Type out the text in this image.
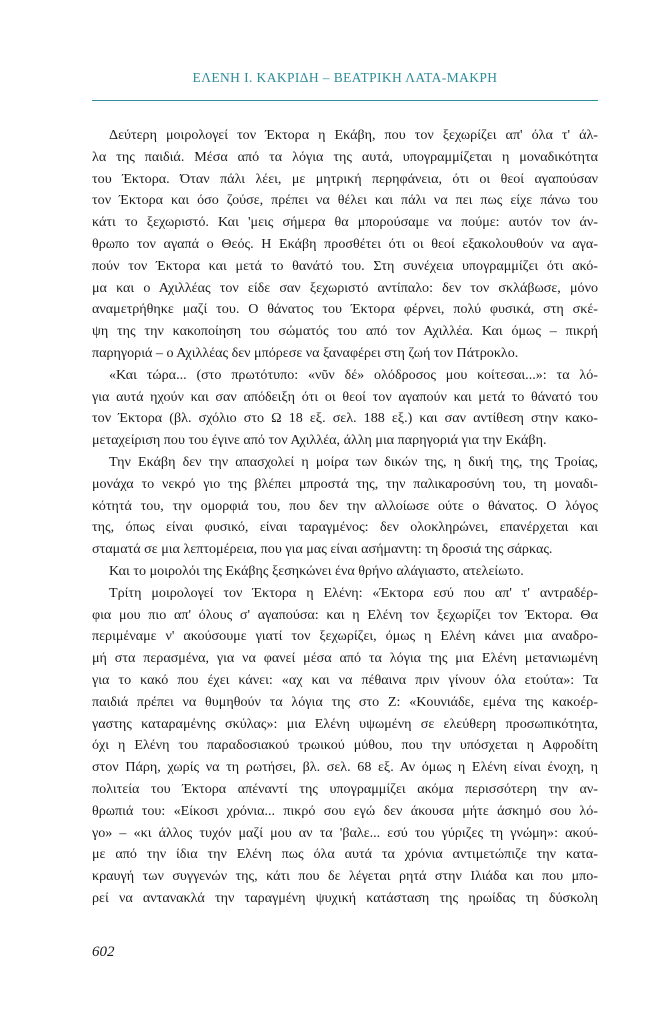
ΕΛΕΝΗ Ι. ΚΑΚΡΙΔΗ – ΒΕΑΤΡΙΚΗ ΛΑΤΑ-ΜΑΚΡΗ
Δεύτερη μοιρολογεί τον Έκτορα η Εκάβη, που τον ξεχωρίζει απ' όλα τ' άλ-
λα της παιδιά. Μέσα από τα λόγια της αυτά, υπογραμμίζεται η μοναδικότητα
του Έκτορα. Όταν πάλι λέει, με μητρική περηφάνεια, ότι οι θεοί αγαπούσαν
τον Έκτορα και όσο ζούσε, πρέπει να θέλει και πάλι να πει πως είχε πάνω του
κάτι το ξεχωριστό. Και 'μεις σήμερα θα μπορούσαμε να πούμε: αυτόν τον άν-
θρωπο τον αγαπά ο Θεός. Η Εκάβη προσθέτει ότι οι θεοί εξακολουθούν να αγα-
πούν τον Έκτορα και μετά το θανάτό του. Στη συνέχεια υπογραμμίζει ότι ακό-
μα και ο Αχιλλέας τον είδε σαν ξεχωριστό αντίπαλο: δεν τον σκλάβωσε, μόνο
αναμετρήθηκε μαζί του. Ο θάνατος του Έκτορα φέρνει, πολύ φυσικά, στη σκέ-
ψη της την κακοποίηση του σώματός του από τον Αχιλλέα. Και όμως – πικρή
παρηγοριά – ο Αχιλλέας δεν μπόρεσε να ξαναφέρει στη ζωή τον Πάτροκλο.
«Και τώρα... (στο πρωτότυπο: «νῦν δέ» ολόδροσος μου κοίτεσαι...»: τα λό-
για αυτά ηχούν και σαν απόδειξη ότι οι θεοί τον αγαπούν και μετά το θάνατό του
τον Έκτορα (βλ. σχόλιο στο Ω 18 εξ. σελ. 188 εξ.) και σαν αντίθεση στην κακο-
μεταχείριση που του έγινε από τον Αχιλλέα, άλλη μια παρηγοριά για την Εκάβη.
Την Εκάβη δεν την απασχολεί η μοίρα των δικών της, η δική της, της Τροίας,
μονάχα το νεκρό γιο της βλέπει μπροστά της, την παλικαροσύνη του, τη μοναδι-
κότητά του, την ομορφιά του, που δεν την αλλοίωσε ούτε ο θάνατος. Ο λόγος
της, όπως είναι φυσικό, είναι ταραγμένος: δεν ολοκληρώνει, επανέρχεται και
σταματά σε μια λεπτομέρεια, που για μας είναι ασήμαντη: τη δροσιά της σάρκας.
Και το μοιρολόι της Εκάβης ξεσηκώνει ένα θρήνο αλάγιαστο, ατελείωτο.
Τρίτη μοιρολογεί τον Έκτορα η Ελένη: «Έκτορα εσύ που απ' τ' αντραδέρ-
φια μου πιο απ' όλους σ' αγαπούσα: και η Ελένη τον ξεχωρίζει τον Έκτορα. Θα
περιμέναμε ν' ακούσουμε γιατί τον ξεχωρίζει, όμως η Ελένη κάνει μια αναδρο-
μή στα περασμένα, για να φανεί μέσα από τα λόγια της μια Ελένη μετανιωμένη
για το κακό που έχει κάνει: «αχ και να πέθαινα πριν γίνουν όλα ετούτα»: Τα
παιδιά πρέπει να θυμηθούν τα λόγια της στο Ζ: «Κουνιάδε, εμένα της κακοέρ-
γαστης καταραμένης σκύλας»: μια Ελένη υψωμένη σε ελεύθερη προσωπικότητα,
όχι η Ελένη του παραδοσιακού τρωικού μύθου, που την υπόσχεται η Αφροδίτη
στον Πάρη, χωρίς να τη ρωτήσει, βλ. σελ. 68 εξ. Αν όμως η Ελένη είναι ένοχη, η
πολιτεία του Έκτορα απέναντί της υπογραμμίζει ακόμα περισσότερη την αν-
θρωπιά του: «Είκοσι χρόνια... πικρό σου εγώ δεν άκουσα μήτε άσκημό σου λό-
γο» – «κι άλλος τυχόν μαζί μου αν τα 'βαλε... εσύ του γύριζες τη γνώμη»: ακού-
με από την ίδια την Ελένη πως όλα αυτά τα χρόνια αντιμετώπιζε την κατα-
κραυγή των συγγενών της, κάτι που δε λέγεται ρητά στην Ιλιάδα και που μπο-
ρεί να αντανακλά την ταραγμένη ψυχική κατάσταση της ηρωίδας τη δύσκολη
602
